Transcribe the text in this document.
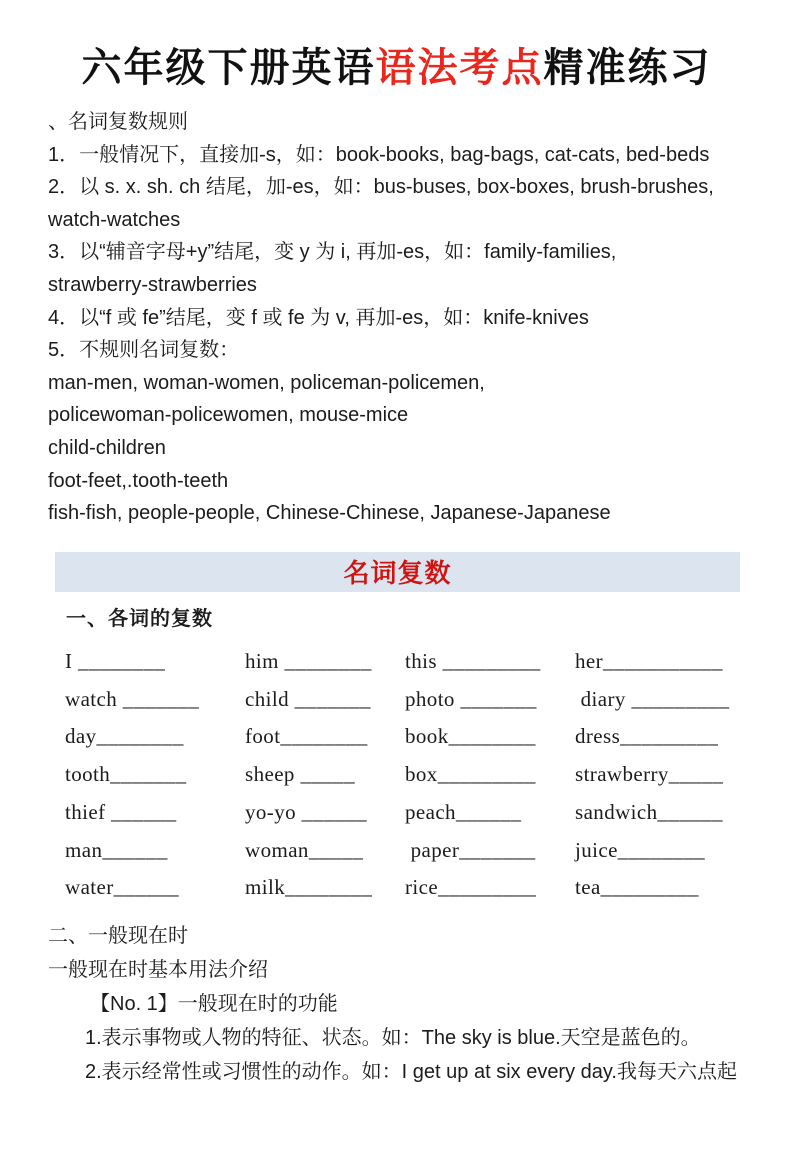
六年级下册英语语法考点精准练习
、名词复数规则
1．一般情况下，直接加-s，如：book-books, bag-bags, cat-cats, bed-beds
2．以 s. x. sh. ch 结尾，加-es，如：bus-buses, box-boxes, brush-brushes,
watch-watches
3．以“辅音字母+y”结尾，变 y 为 i, 再加-es，如：family-families,
strawberry-strawberries
4．以“f 或 fe”结尾，变 f 或 fe 为 v, 再加-es，如：knife-knives
5．不规则名词复数：
man-men, woman-women, policeman-policemen,
policewoman-policewomen, mouse-mice
child-children
foot-feet,.tooth-teeth
fish-fish, people-people, Chinese-Chinese, Japanese-Japanese
名词复数
一、各词的复数
I ________	him ________	this _________	her___________
watch _______	child _______	photo _______	diary _________
day________	foot________	book________	dress_________
tooth_______	sheep _____	box_________	strawberry_____
thief ______	yo-yo ______	peach______	sandwich______
man______	woman_____	paper_______	juice________
water______	milk________	rice_________	tea_________
二、一般现在时
一般现在时基本用法介绍
【No. 1】一般现在时的功能
1.表示事物或人物的特征、状态。如：The sky is blue.天空是蓝色的。
2.表示经常性或习惯性的动作。如：I get up at six every day.我每天六点起
